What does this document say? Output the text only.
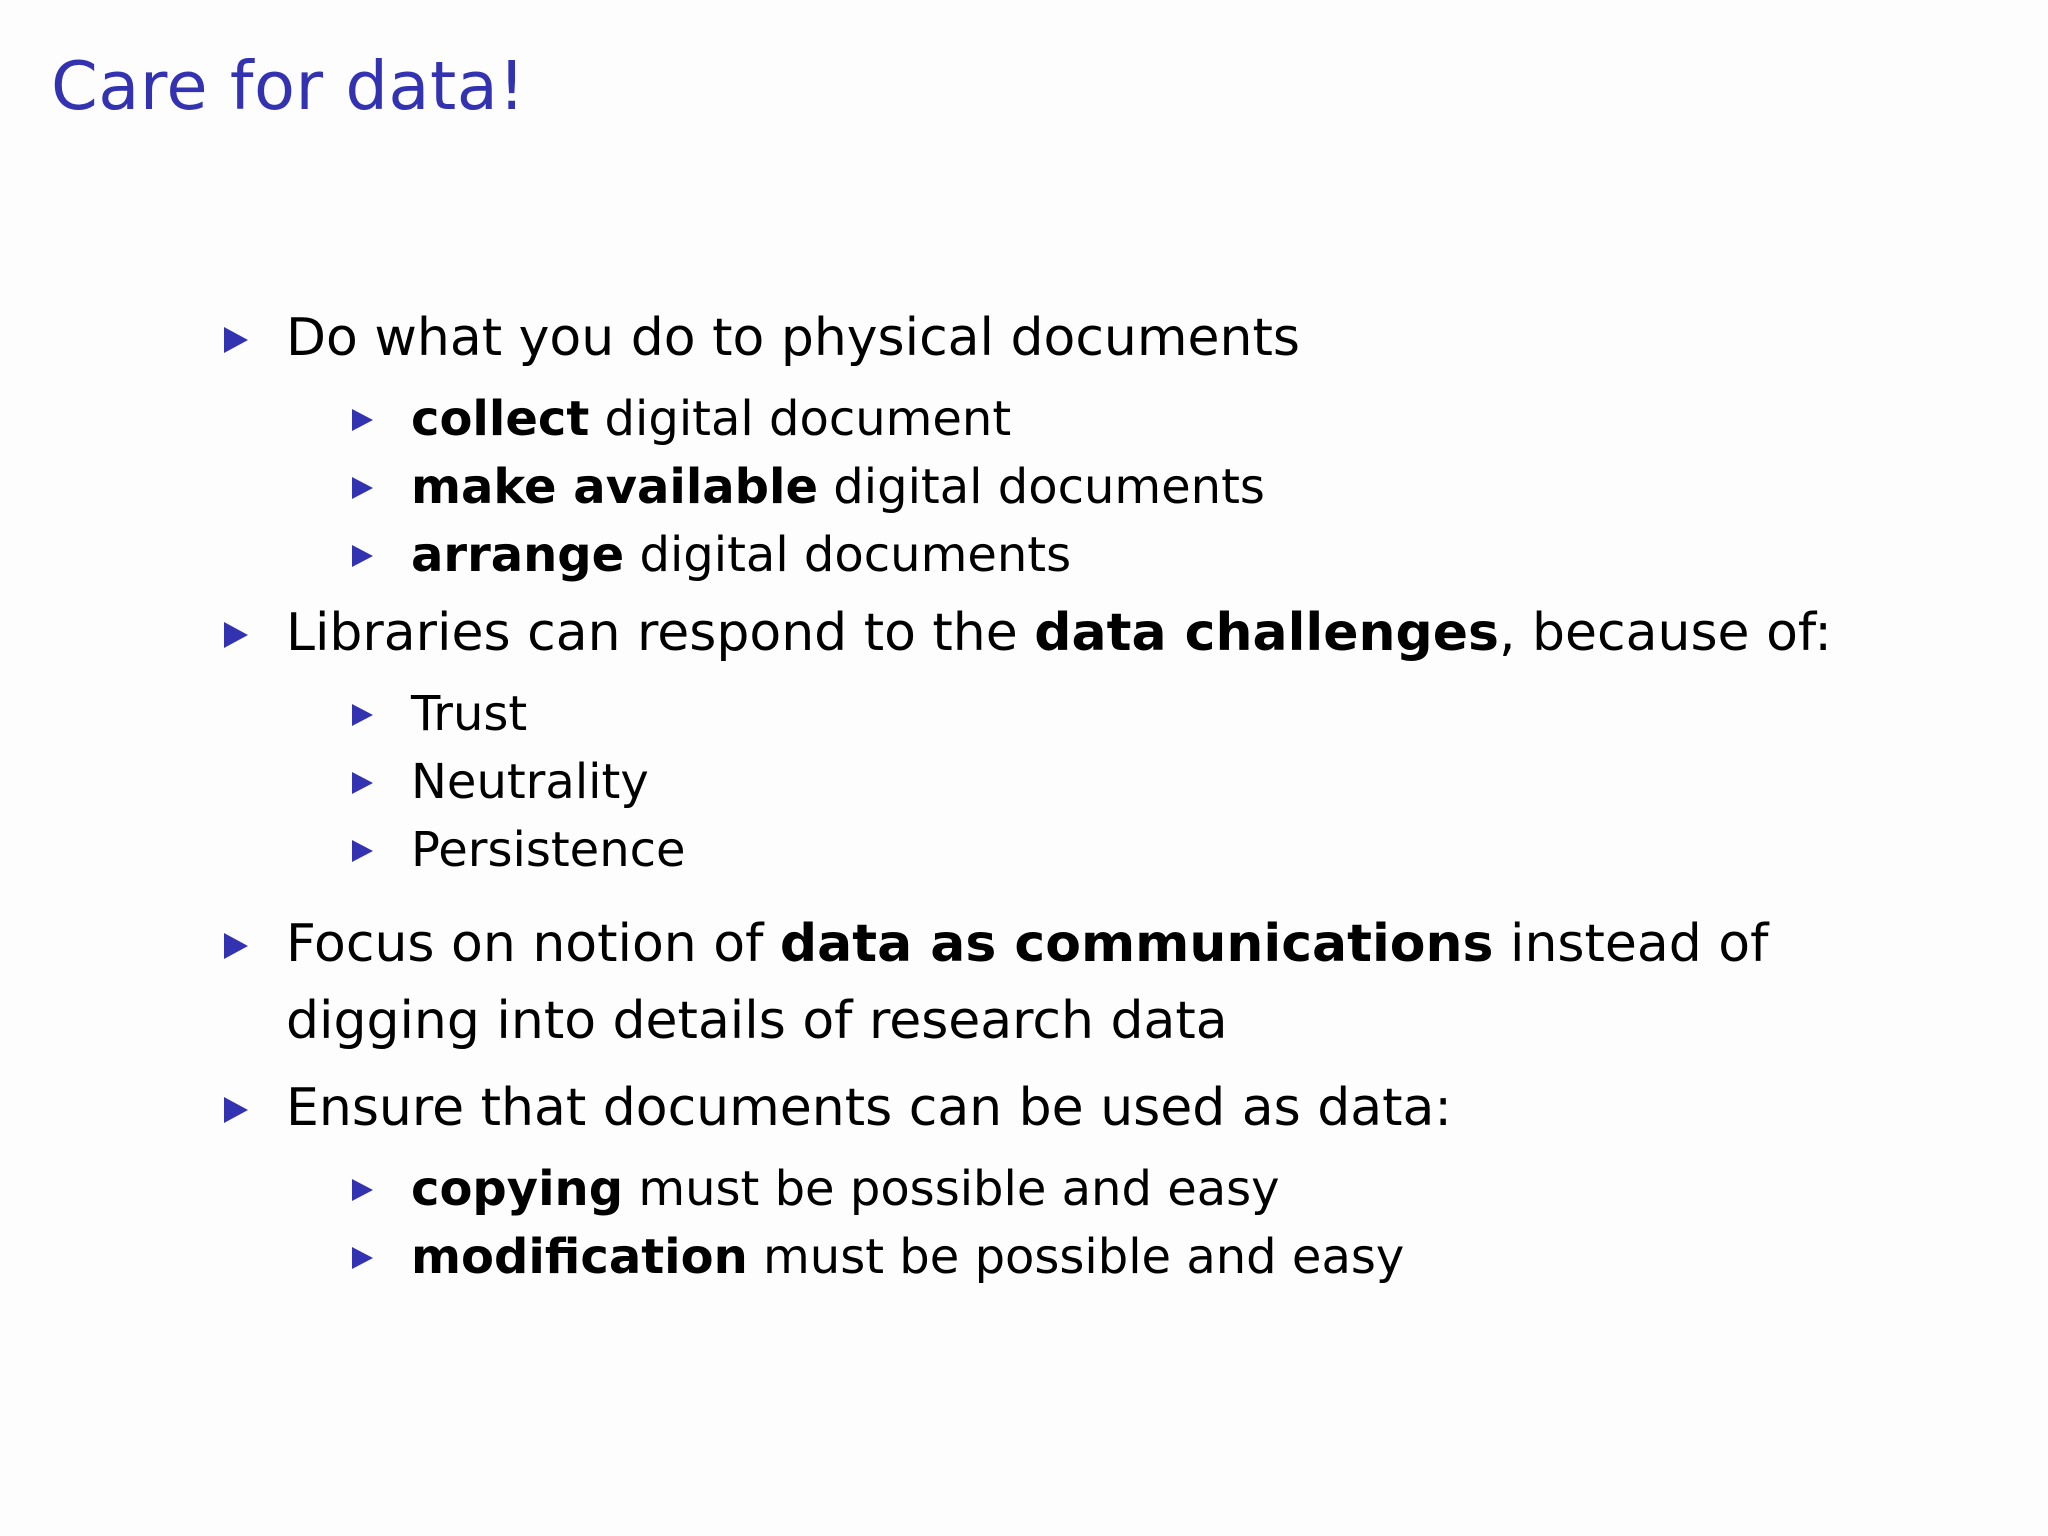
Care for data!
Do what you do to physical documents
collect digital document
make available digital documents
arrange digital documents
Libraries can respond to the data challenges, because of:
Trust
Neutrality
Persistence
Focus on notion of data as communications instead of digging into details of research data
Ensure that documents can be used as data:
copying must be possible and easy
modification must be possible and easy
